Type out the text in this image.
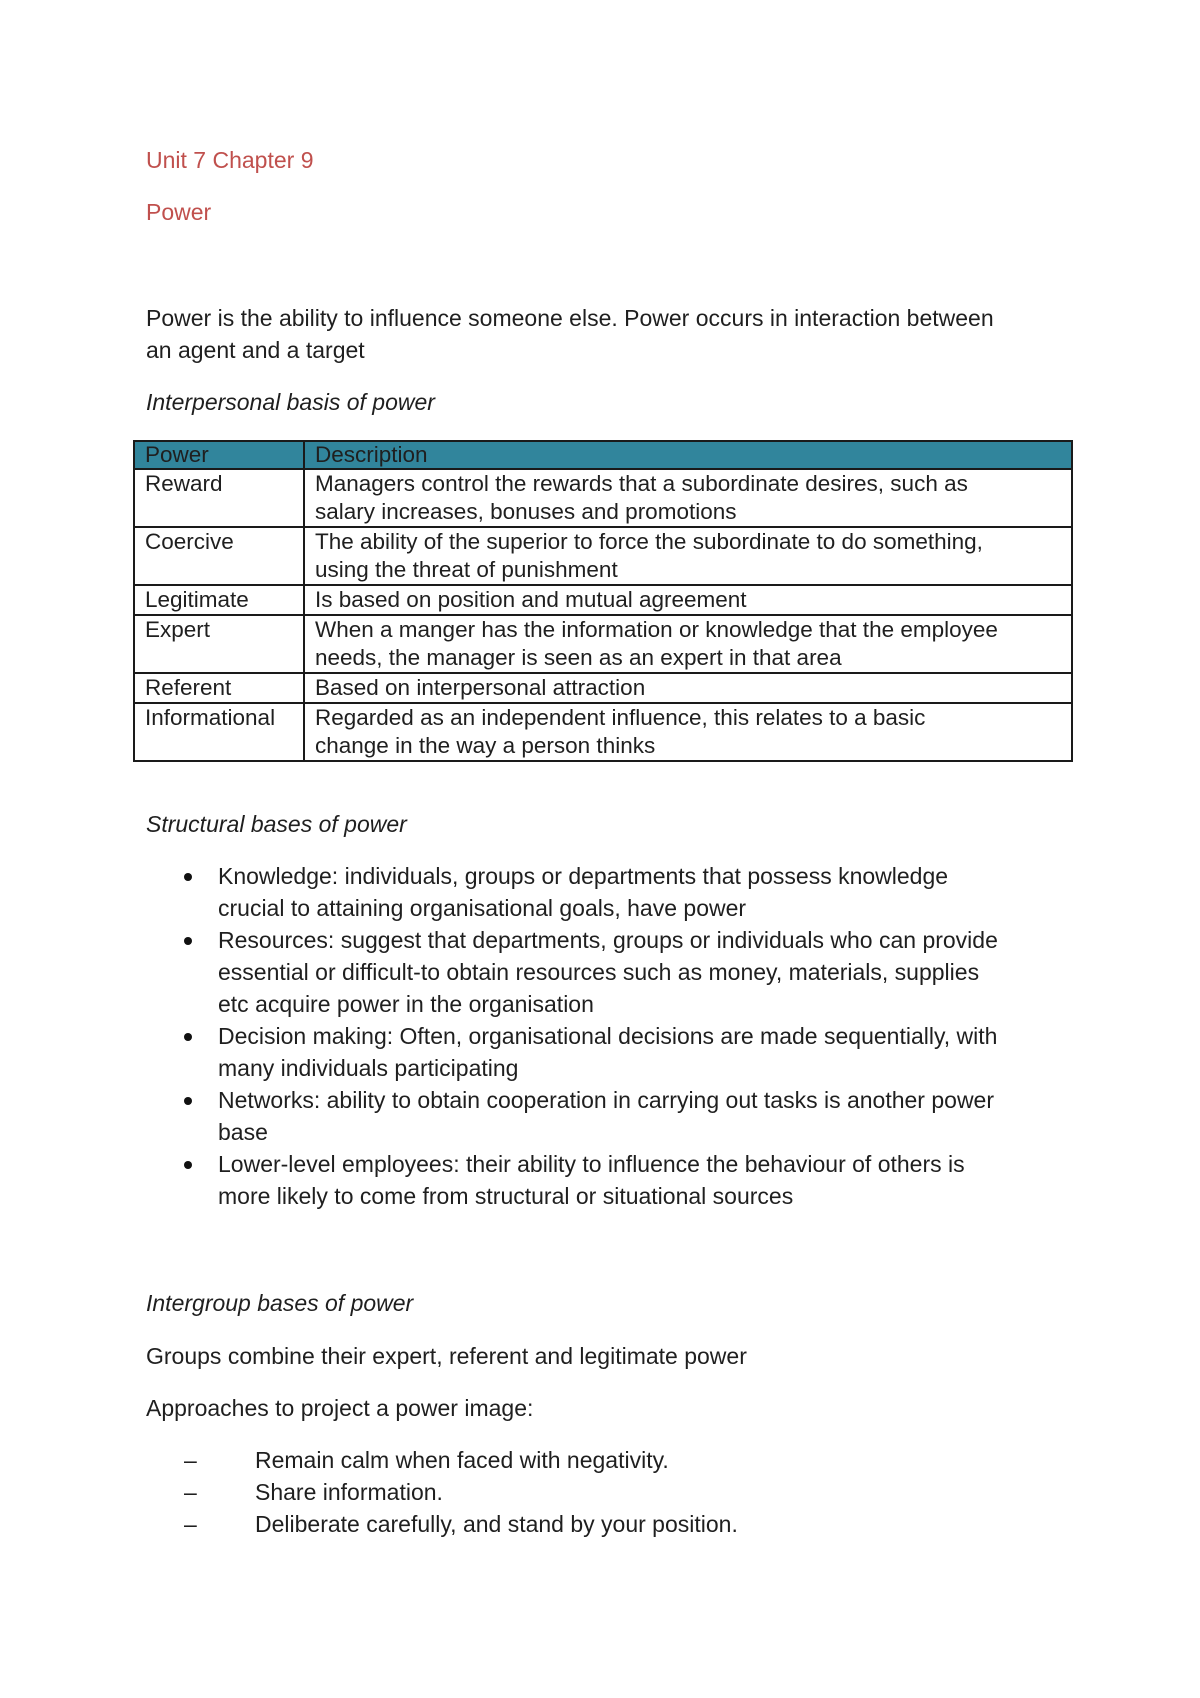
Unit 7 Chapter 9
Power
Power is the ability to influence someone else. Power occurs in interaction between
an agent and a target
Interpersonal basis of power
Power	Description
Reward	Managers control the rewards that a subordinate desires, such as
salary increases, bonuses and promotions

Coercive	The ability of the superior to force the subordinate to do something,
using the threat of punishment

Legitimate	Is based on position and mutual agreement

Expert	When a manger has the information or knowledge that the employee
needs, the manager is seen as an expert in that area

Referent	Based on interpersonal attraction

Informational	Regarded as an independent influence, this relates to a basic
change in the way a person thinks
Structural bases of power
Knowledge: individuals, groups or departments that possess knowledge
crucial to attaining organisational goals, have power
Resources: suggest that departments, groups or individuals who can provide
essential or difficult-to obtain resources such as money, materials, supplies
etc acquire power in the organisation
Decision making: Often, organisational decisions are made sequentially, with
many individuals participating
Networks: ability to obtain cooperation in carrying out tasks is another power
base
Lower-level employees: their ability to influence the behaviour of others is
more likely to come from structural or situational sources
Intergroup bases of power
Groups combine their expert, referent and legitimate power
Approaches to project a power image:
–	Remain calm when faced with negativity.
–	Share information.
–	Deliberate carefully, and stand by your position.
